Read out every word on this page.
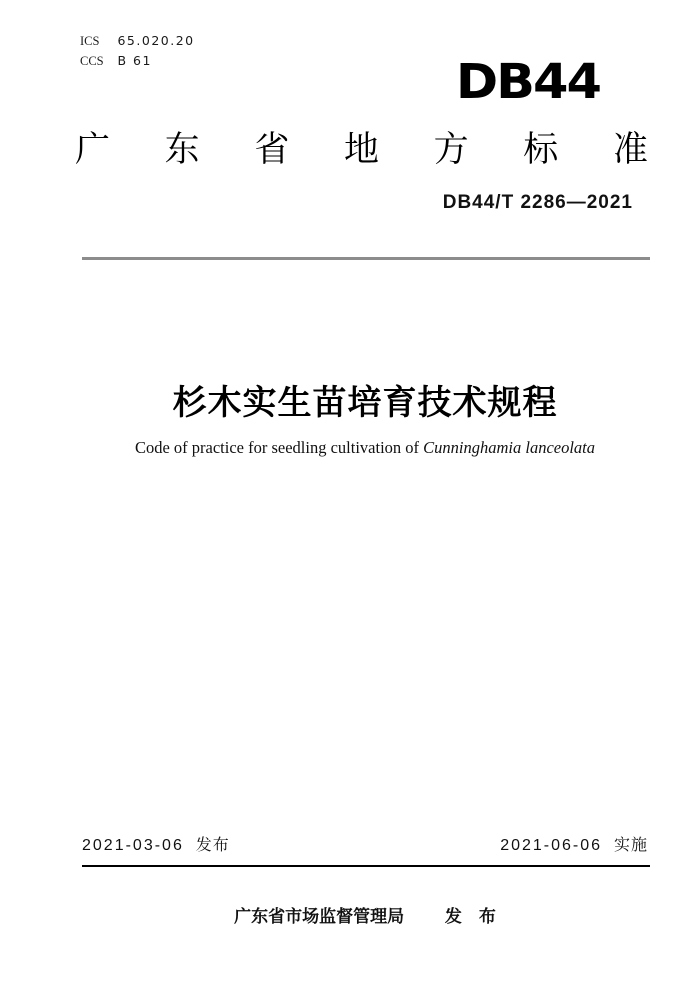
ICS 65.020.20
CCS B 61	DB44
广 东 省 地 方 标 准
DB44/T 2286—2021
杉木实生苗培育技术规程
Code of practice for seedling cultivation of Cunninghamia lanceolata
2021-03-06 发布	2021-06-06 实施
广东省市场监督管理局 发　布
